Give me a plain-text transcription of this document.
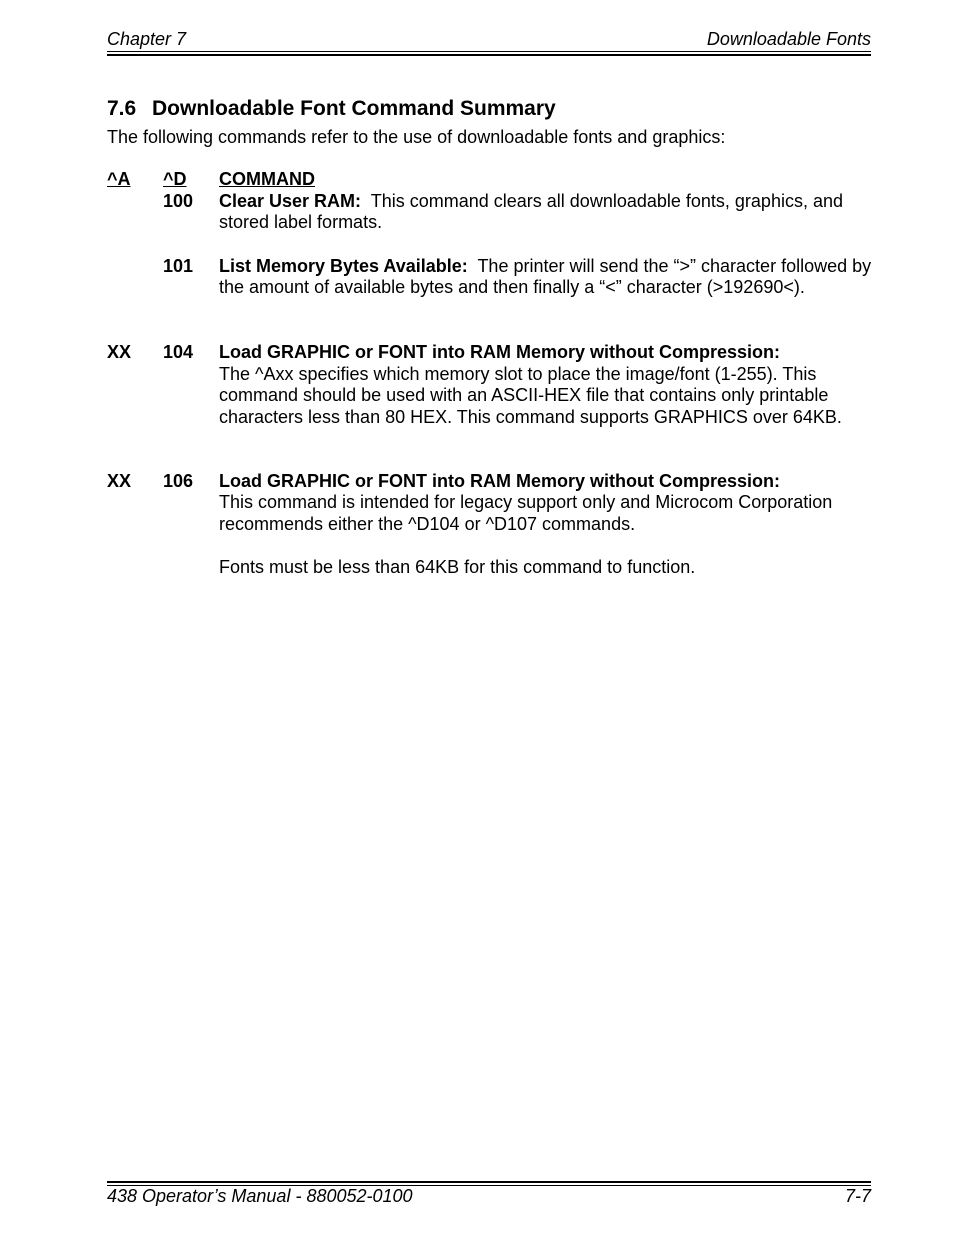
Chapter 7	Downloadable Fonts
7.6 Downloadable Font Command Summary
The following commands refer to the use of downloadable fonts and graphics:
^A ^D COMMAND
100 Clear User RAM: This command clears all downloadable fonts, graphics, and stored label formats.

101 List Memory Bytes Available: The printer will send the “>” character followed by the amount of available bytes and then finally a “<” character (>192690<).

XX 104 Load GRAPHIC or FONT into RAM Memory without Compression:

The ^Axx specifies which memory slot to place the image/font (1-255). This command should be used with an ASCII-HEX file that contains only printable characters less than 80 HEX. This command supports GRAPHICS over 64KB.

XX 106 Load GRAPHIC or FONT into RAM Memory without Compression:

This command is intended for legacy support only and Microcom Corporation recommends either the ^D104 or ^D107 commands.

Fonts must be less than 64KB for this command to function.

438 Operator’s Manual - 880052-0100	7-7
